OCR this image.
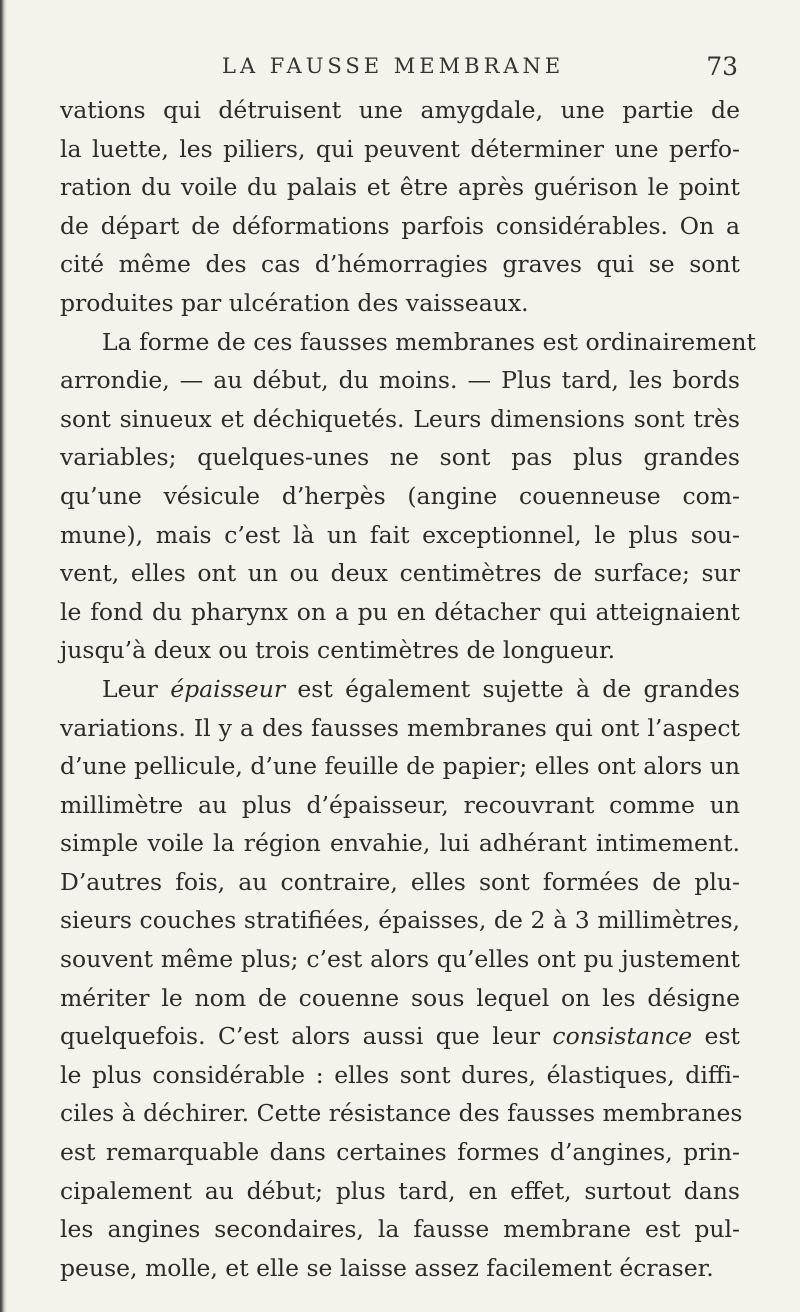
LA FAUSSE MEMBRANE	73
vations qui détruisent une amygdale, une partie de
la luette, les piliers, qui peuvent déterminer une perfo-
ration du voile du palais et être après guérison le point
de départ de déformations parfois considérables. On a
cité même des cas d’hémorragies graves qui se sont
produites par ulcération des vaisseaux.
La forme de ces fausses membranes est ordinairement
arrondie, — au début, du moins. — Plus tard, les bords
sont sinueux et déchiquetés. Leurs dimensions sont très
variables; quelques-unes ne sont pas plus grandes
qu’une vésicule d’herpès (angine couenneuse com-
mune), mais c’est là un fait exceptionnel, le plus sou-
vent, elles ont un ou deux centimètres de surface; sur
le fond du pharynx on a pu en détacher qui atteignaient
jusqu’à deux ou trois centimètres de longueur.
Leur épaisseur est également sujette à de grandes
variations. Il y a des fausses membranes qui ont l’aspect
d’une pellicule, d’une feuille de papier; elles ont alors un
millimètre au plus d’épaisseur, recouvrant comme un
simple voile la région envahie, lui adhérant intimement.
D’autres fois, au contraire, elles sont formées de plu-
sieurs couches stratifiées, épaisses, de 2 à 3 millimètres,
souvent même plus; c’est alors qu’elles ont pu justement
mériter le nom de couenne sous lequel on les désigne
quelquefois. C’est alors aussi que leur consistance est
le plus considérable : elles sont dures, élastiques, diffi-
ciles à déchirer. Cette résistance des fausses membranes
est remarquable dans certaines formes d’angines, prin-
cipalement au début; plus tard, en effet, surtout dans
les angines secondaires, la fausse membrane est pul-
peuse, molle, et elle se laisse assez facilement écraser.
